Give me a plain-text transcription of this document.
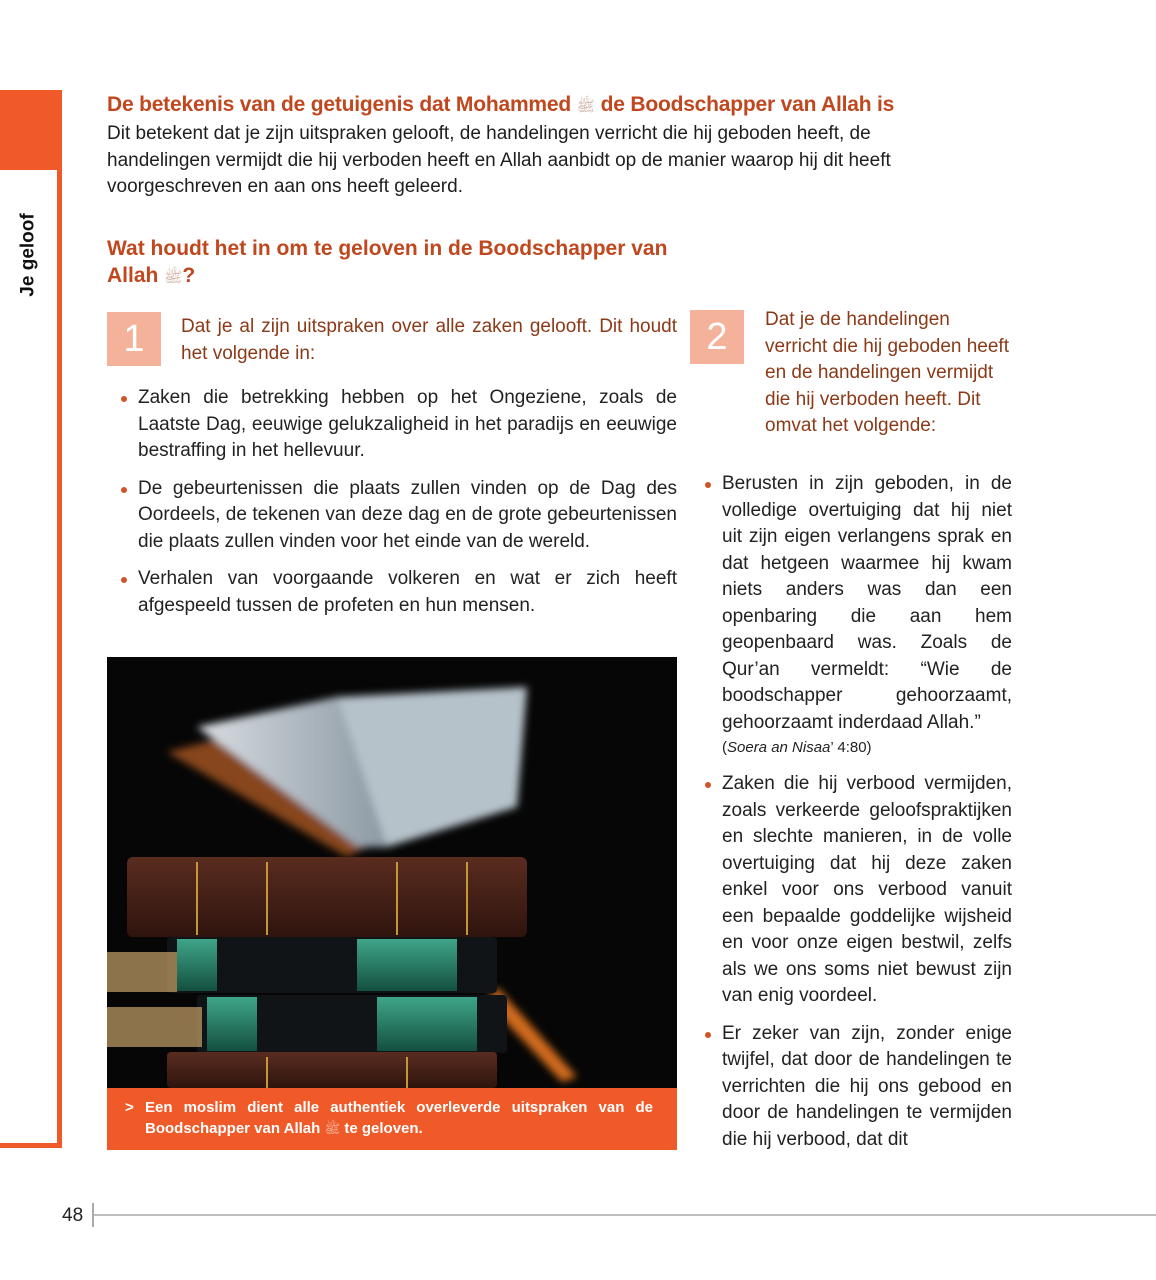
Je geloof
De betekenis van de getuigenis dat Mohammed ﷺ de Boodschapper van Allah is
Dit betekent dat je zijn uitspraken gelooft, de handelingen verricht die hij geboden heeft, de handelingen vermijdt die hij verboden heeft en Allah aanbidt op de manier waarop hij dit heeft voorgeschreven en aan ons heeft geleerd.
Wat houdt het in om te geloven in de Boodschapper van Allah ﷺ?
1	Dat je al zijn uitspraken over alle zaken gelooft. Dit houdt het volgende in:
Zaken die betrekking hebben op het Ongeziene, zoals de Laatste Dag, eeuwige gelukzaligheid in het paradijs en eeuwige bestraffing in het hellevuur.
De gebeurtenissen die plaats zullen vinden op de Dag des Oordeels, de tekenen van deze dag en de grote gebeurtenissen die plaats zullen vinden voor het einde van de wereld.
Verhalen van voorgaande volkeren en wat er zich heeft afgespeeld tussen de profeten en hun mensen.
> Een moslim dient alle authentiek overleverde uitspraken van de Boodschapper van Allah ﷺ te geloven.
2	Dat je de handelingen verricht die hij geboden heeft en de handelingen vermijdt die hij verboden heeft. Dit omvat het volgende:
Berusten in zijn geboden, in de volledige overtuiging dat hij niet uit zijn eigen verlangens sprak en dat hetgeen waarmee hij kwam niets anders was dan een openbaring die aan hem geopenbaard was. Zoals de Qur’an vermeldt: “Wie de boodschapper gehoorzaamt, gehoorzaamt inderdaad Allah.”
(Soera an Nisaa’ 4:80)
Zaken die hij verbood vermijden, zoals verkeerde geloofspraktijken en slechte manieren, in de volle overtuiging dat hij deze zaken enkel voor ons verbood vanuit een bepaalde goddelijke wijsheid en voor onze eigen bestwil, zelfs als we ons soms niet bewust zijn van enig voordeel.
Er zeker van zijn, zonder enige twijfel, dat door de handelingen te verrichten die hij ons gebood en door de handelingen te vermijden die hij verbood, dat dit
48
